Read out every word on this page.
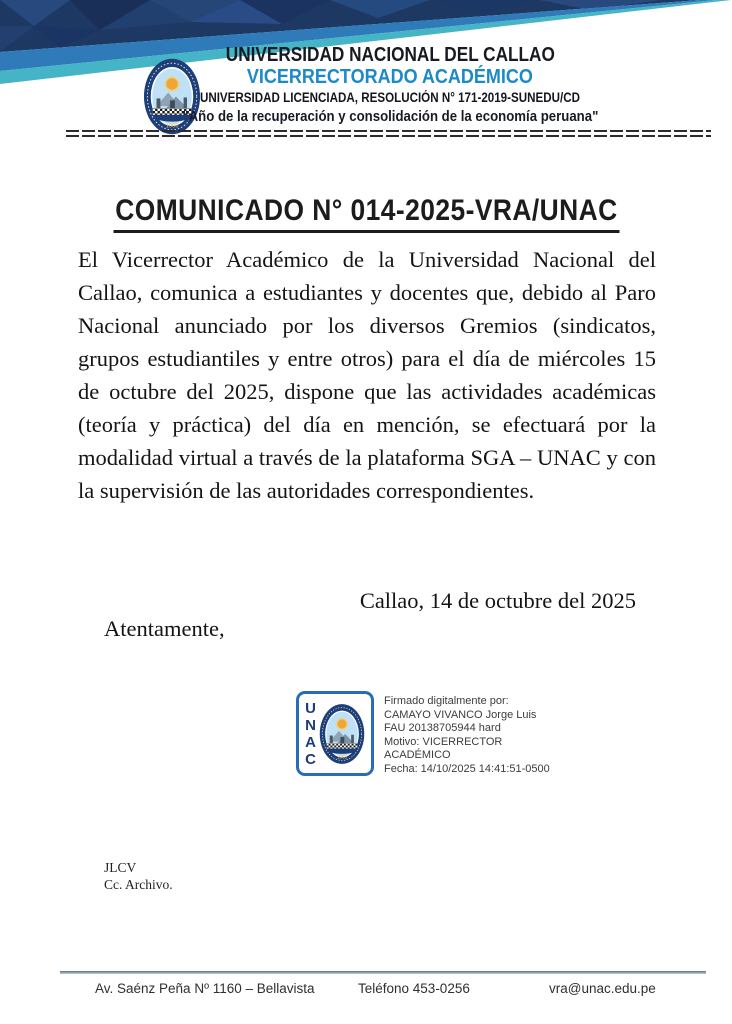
1966
UNIVERSIDAD NACIONAL DEL CALLAO
VICERRECTORADO ACADÉMICO
UNIVERSIDAD LICENCIADA, RESOLUCIÓN N° 171-2019-SUNEDU/CD
"Año de la recuperación y consolidación de la economía peruana"
COMUNICADO N° 014-2025-VRA/UNAC

El Vicerrector Académico de la Universidad Nacional del Callao, comunica a estudiantes y docentes que, debido al Paro Nacional anunciado por los diversos Gremios (sindicatos, grupos estudiantiles y entre otros) para el día de miércoles 15 de octubre del 2025, dispone que las actividades académicas (teoría y práctica) del día en mención, se efectuará por la modalidad virtual a través de la plataforma SGA – UNAC y con la supervisión de las autoridades correspondientes.

Callao, 14 de octubre del 2025
Atentamente,
U
N
A
C	1966
Firmado digitalmente por:
CAMAYO VIVANCO Jorge Luis
FAU 20138705944 hard
Motivo: VICERRECTOR
ACADÉMICO
Fecha: 14/10/2025 14:41:51-0500
JLCV
Cc. Archivo.
Av. Saénz Peña Nº 1160 – Bellavista	Teléfono 453-0256	vra@unac.edu.pe
